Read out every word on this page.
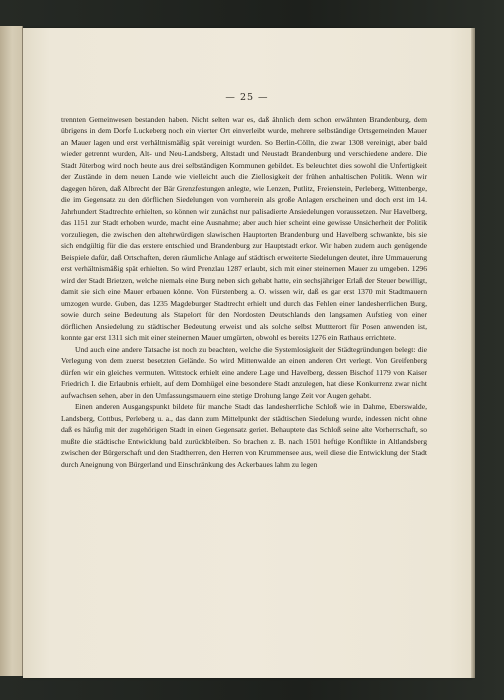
— 25 —

trennten Gemeinwesen bestanden haben. Nicht selten war es, daß ähnlich dem schon erwähnten Brandenburg, dem übrigens in dem Dorfe Luckeberg noch ein vierter Ort einverleibt wurde, mehrere selbständige Ortsgemeinden Mauer an Mauer lagen und erst verhältnismäßig spät vereinigt wurden. So Berlin-Cölln, die zwar 1308 vereinigt, aber bald wieder getrennt wurden, Alt- und Neu-Landsberg, Altstadt und Neustadt Brandenburg und verschiedene andere. Die Stadt Jüterbog wird noch heute aus drei selbständigen Kommunen gebildet. Es beleuchtet dies sowohl die Unfertigkeit der Zustände in dem neuen Lande wie vielleicht auch die Ziellosigkeit der frühen anhaltischen Politik. Wenn wir dagegen hören, daß Albrecht der Bär Grenzfestungen anlegte, wie Lenzen, Putlitz, Freienstein, Perleberg, Wittenberge, die im Gegensatz zu den dörflichen Siedelungen von vornherein als große Anlagen erscheinen und doch erst im 14. Jahrhundert Stadtrechte erhielten, so können wir zunächst nur palisadierte Ansiedelungen voraussetzen. Nur Havelberg, das 1151 zur Stadt erhoben wurde, macht eine Ausnahme; aber auch hier scheint eine gewisse Unsicherheit der Politik vorzuliegen, die zwischen den altehrwürdigen slawischen Hauptorten Brandenburg und Havelberg schwankte, bis sie sich endgültig für die das erstere entschied und Brandenburg zur Hauptstadt erkor. Wir haben zudem auch genügende Beispiele dafür, daß Ortschaften, deren räumliche Anlage auf städtisch erweiterte Siedelungen deutet, ihre Ummauerung erst verhältnismäßig spät erhielten. So wird Prenzlau 1287 erlaubt, sich mit einer steinernen Mauer zu umgeben. 1296 wird der Stadt Brietzen, welche niemals eine Burg neben sich gehabt hatte, ein sechsjähriger Erlaß der Steuer bewilligt, damit sie sich eine Mauer erbauen könne. Von Fürstenberg a. O. wissen wir, daß es gar erst 1370 mit Stadtmauern umzogen wurde. Guben, das 1235 Magdeburger Stadtrecht erhielt und durch das Fehlen einer landesherrlichen Burg, sowie durch seine Bedeutung als Stapelort für den Nordosten Deutschlands den langsamen Aufstieg von einer dörflichen Ansiedelung zu städtischer Bedeutung erweist und als solche selbst Muttterort für Posen anwenden ist, konnte gar erst 1311 sich mit einer steinernen Mauer umgürten, obwohl es bereits 1276 ein Rathaus errichtete.

Und auch eine andere Tatsache ist noch zu beachten, welche die Systemlosigkeit der Städtegründungen belegt: die Verlegung von dem zuerst besetzten Gelände. So wird Mittenwalde an einen anderen Ort verlegt. Von Greifenberg dürfen wir ein gleiches vermuten. Wittstock erhielt eine andere Lage und Havelberg, dessen Bischof 1179 von Kaiser Friedrich I. die Erlaubnis erhielt, auf dem Domhügel eine besondere Stadt anzulegen, hat diese Konkurrenz zwar nicht aufwachsen sehen, aber in den Umfassungsmauern eine stetige Drohung lange Zeit vor Augen gehabt.

Einen anderen Ausgangspunkt bildete für manche Stadt das landesherrliche Schloß wie in Dahme, Eberswalde, Landsberg, Cottbus, Perleberg u. a., das dann zum Mittelpunkt der städtischen Siedelung wurde, indessen nicht ohne daß es häufig mit der zugehörigen Stadt in einen Gegensatz geriet. Behauptete das Schloß seine alte Vorherrschaft, so mußte die städtische Entwicklung bald zurückbleiben. So brachen z. B. nach 1501 heftige Konflikte in Altlandsberg zwischen der Bürgerschaft und den Stadtherren, den Herren von Krummensee aus, weil diese die Entwicklung der Stadt durch Aneignung von Bürgerland und Einschränkung des Ackerbaues lahm zu legen
